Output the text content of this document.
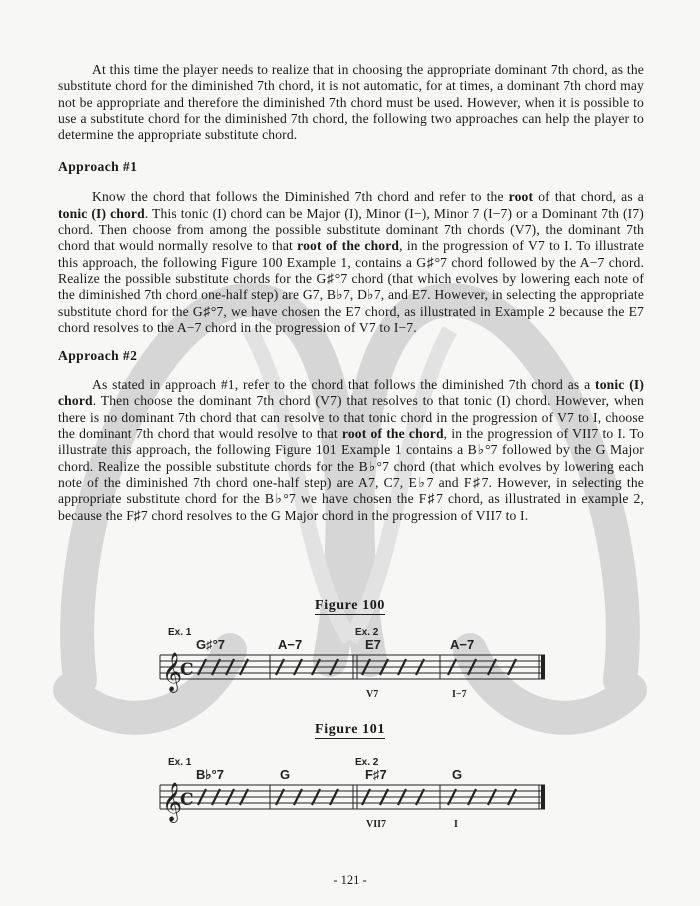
At this time the player needs to realize that in choosing the appropriate dominant 7th chord, as the substitute chord for the diminished 7th chord, it is not automatic, for at times, a dominant 7th chord may not be appropriate and therefore the diminished 7th chord must be used. However, when it is possible to use a substitute chord for the diminished 7th chord, the following two approaches can help the player to determine the appropriate substitute chord.

Approach #1

Know the chord that follows the Diminished 7th chord and refer to the root of that chord, as a tonic (I) chord. This tonic (I) chord can be Major (I), Minor (I−), Minor 7 (I−7) or a Dominant 7th (I7) chord. Then choose from among the possible substitute dominant 7th chords (V7), the dominant 7th chord that would normally resolve to that root of the chord, in the progression of V7 to I. To illustrate this approach, the following Figure 100 Example 1, contains a G♯°7 chord followed by the A−7 chord. Realize the possible substitute chords for the G♯°7 chord (that which evolves by lowering each note of the diminished 7th chord one-half step) are G7, B♭7, D♭7, and E7. However, in selecting the appropriate substitute chord for the G♯°7, we have chosen the E7 chord, as illustrated in Example 2 because the E7 chord resolves to the A−7 chord in the progression of V7 to I−7.

Approach #2

As stated in approach #1, refer to the chord that follows the diminished 7th chord as a tonic (I) chord. Then choose the dominant 7th chord (V7) that resolves to that tonic (I) chord. However, when there is no dominant 7th chord that can resolve to that tonic chord in the progression of V7 to I, choose the dominant 7th chord that would resolve to that root of the chord, in the progression of VII7 to I. To illustrate this approach, the following Figure 101 Example 1 contains a B♭°7 followed by the G Major chord. Realize the possible substitute chords for the B♭°7 chord (that which evolves by lowering each note of the diminished 7th chord one-half step) are A7, C7, E♭7 and F♯7. However, in selecting the appropriate substitute chord for the B♭°7 we have chosen the F♯7 chord, as illustrated in example 2, because the F♯7 chord resolves to the G Major chord in the progression of VII7 to I.

Figure 100
𝄞
C
Ex. 1	Ex. 2
G♯°7	A−7	E7	A−7
V7	I−7
Figure 101
𝄞
C
Ex. 1	Ex. 2
B♭°7	G	F♯7	G
VII7	I
- 121 -
